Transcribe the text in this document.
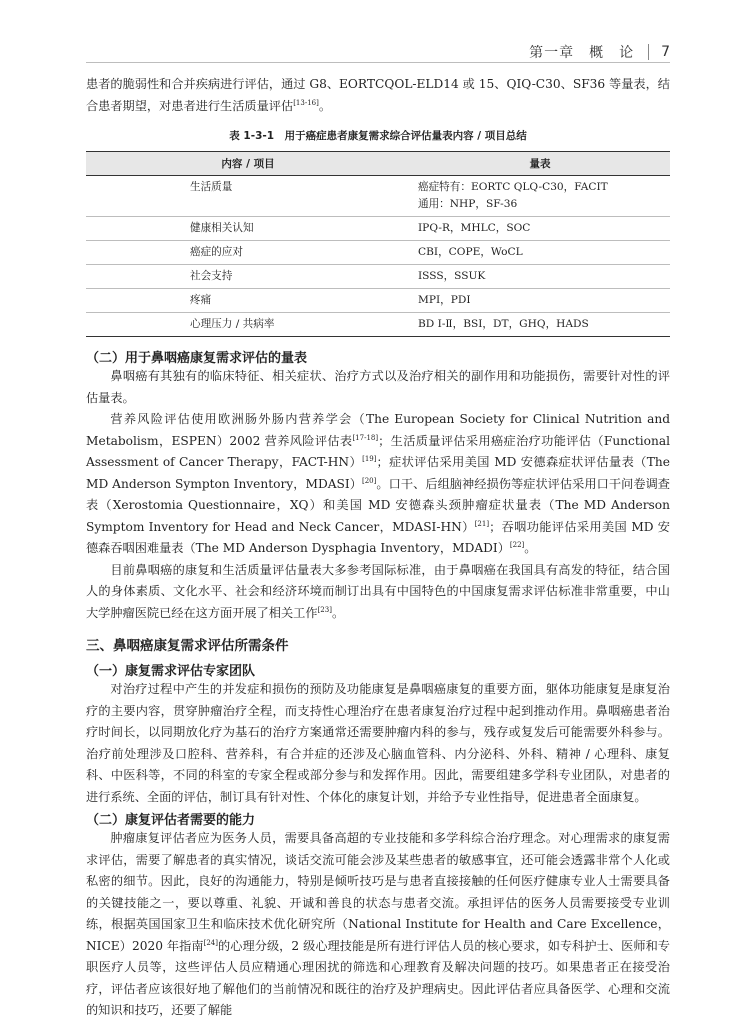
第一章　概　论 7

患者的脆弱性和合并疾病进行评估，通过 G8、EORTCQOL-ELD14 或 15、QIQ-C30、SF36 等量表，结合患者期望，对患者进行生活质量评估[13-16]。

表 1-3-1　用于癌症患者康复需求综合评估量表内容 / 项目总结
内容 / 项目	量表
生活质量	癌症特有：EORTC QLQ-C30，FACIT
通用：NHP，SF-36

健康相关认知	IPQ-R，MHLC，SOC
癌症的应对	CBI，COPE，WoCL
社会支持	ISSS，SSUK
疼痛	MPI，PDI
心理压力 / 共病率	BD Ⅰ-Ⅱ，BSI，DT，GHQ，HADS
（二）用于鼻咽癌康复需求评估的量表

鼻咽癌有其独有的临床特征、相关症状、治疗方式以及治疗相关的副作用和功能损伤，需要针对性的评估量表。

营养风险评估使用欧洲肠外肠内营养学会（The European Society for Clinical Nutrition and Metabolism，ESPEN）2002 营养风险评估表[17-18]；生活质量评估采用癌症治疗功能评估（Functional Assessment of Cancer Therapy，FACT-HN）[19]；症状评估采用美国 MD 安德森症状评估量表（The MD Anderson Sympton Inventory，MDASI）[20]。口干、后组脑神经损伤等症状评估采用口干问卷调查表（Xerostomia Questionnaire，XQ）和美国 MD 安德森头颈肿瘤症状量表（The MD Anderson Symptom Inventory for Head and Neck Cancer，MDASI-HN）[21]；吞咽功能评估采用美国 MD 安德森吞咽困难量表（The MD Anderson Dysphagia Inventory，MDADI）[22]。

目前鼻咽癌的康复和生活质量评估量表大多参考国际标准，由于鼻咽癌在我国具有高发的特征，结合国人的身体素质、文化水平、社会和经济环境而制订出具有中国特色的中国康复需求评估标准非常重要，中山大学肿瘤医院已经在这方面开展了相关工作[23]。

三、鼻咽癌康复需求评估所需条件
（一）康复需求评估专家团队

对治疗过程中产生的并发症和损伤的预防及功能康复是鼻咽癌康复的重要方面，躯体功能康复是康复治疗的主要内容，贯穿肿瘤治疗全程，而支持性心理治疗在患者康复治疗过程中起到推动作用。鼻咽癌患者治疗时间长，以同期放化疗为基石的治疗方案通常还需要肿瘤内科的参与，残存或复发后可能需要外科参与。治疗前处理涉及口腔科、营养科，有合并症的还涉及心脑血管科、内分泌科、外科、精神 / 心理科、康复科、中医科等，不同的科室的专家全程或部分参与和发挥作用。因此，需要组建多学科专业团队，对患者的进行系统、全面的评估，制订具有针对性、个体化的康复计划，并给予专业性指导，促进患者全面康复。

（二）康复评估者需要的能力

肿瘤康复评估者应为医务人员，需要具备高超的专业技能和多学科综合治疗理念。对心理需求的康复需求评估，需要了解患者的真实情况，谈话交流可能会涉及某些患者的敏感事宜，还可能会透露非常个人化或私密的细节。因此，良好的沟通能力，特别是倾听技巧是与患者直接接触的任何医疗健康专业人士需要具备的关键技能之一，要以尊重、礼貌、开诚和善良的状态与患者交流。承担评估的医务人员需要接受专业训练，根据英国国家卫生和临床技术优化研究所（National Institute for Health and Care Excellence，NICE）2020 年指南[24]的心理分级，2 级心理技能是所有进行评估人员的核心要求，如专科护士、医师和专职医疗人员等，这些评估人员应精通心理困扰的筛选和心理教育及解决问题的技巧。如果患者正在接受治疗，评估者应该很好地了解他们的当前情况和既往的治疗及护理病史。因此评估者应具备医学、心理和交流的知识和技巧，还要了解能
